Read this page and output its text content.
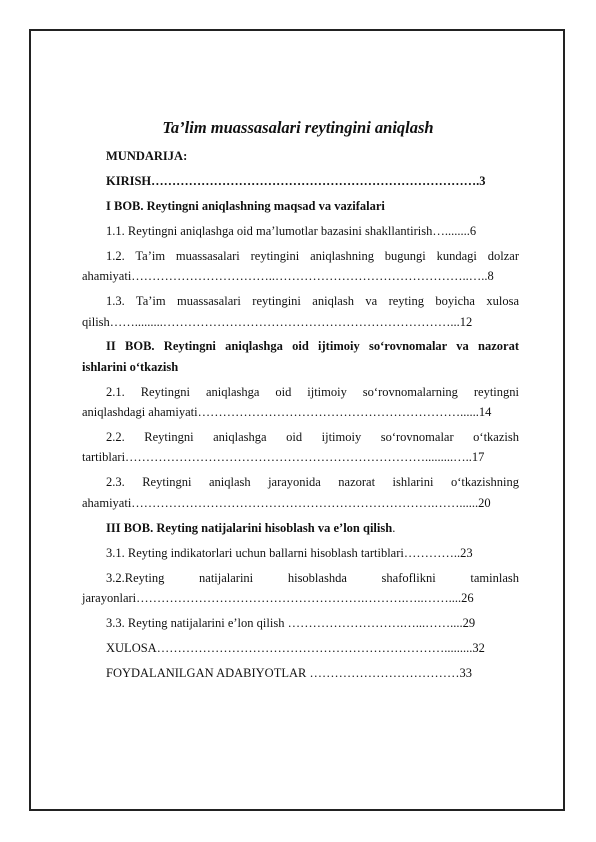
Ta’lim muassasalari reytingini aniqlash
MUNDARIJA:
KIRISH…………………………………………………………………….3
I BOB. Reytingni aniqlashning maqsad va vazifalari
1.1. Reytingni aniqlashga oid ma’lumotlar bazasini shakllantirish…........6
1.2. Ta’im muassasalari reytingini aniqlashning bugungi kundagi dolzar
ahamiyati……………………………..………………………………………..…..8
1.3. Ta’im muassasalari reytingini aniqlash va reyting boyicha xulosa
qilish…….........……………………………………………………………...12
II BOB. Reytingni aniqlashga oid ijtimoiy so‘rovnomalar va nazorat
ishlarini o‘tkazish
2.1. Reytingni aniqlashga oid ijtimoiy so‘rovnomalarning reytingni
aniqlashdagi ahamiyati………………………………………………………......14
2.2. Reytingni aniqlashga oid ijtimoiy so‘rovnomalar o‘tkazish
tartiblari……………………………………………………………….........…..17
2.3. Reytingni aniqlash jarayonida nazorat ishlarini o‘tkazishning
ahamiyati……………………………………………………………….……......20
III BOB. Reyting natijalarini hisoblash va e’lon qilish.
3.1. Reyting indikatorlari uchun ballarni hisoblash tartiblari…………..23
3.2.Reyting natijalarini hisoblashda shafoflikni taminlash
jarayonlari……………………………………………….……….…..……....26
3.3. Reyting natijalarini e’lon qilish ……………………….…...……....29
XULOSA…………………………………………………………….........32
FOYDALANILGAN ADABIYOTLAR ………………………………33
